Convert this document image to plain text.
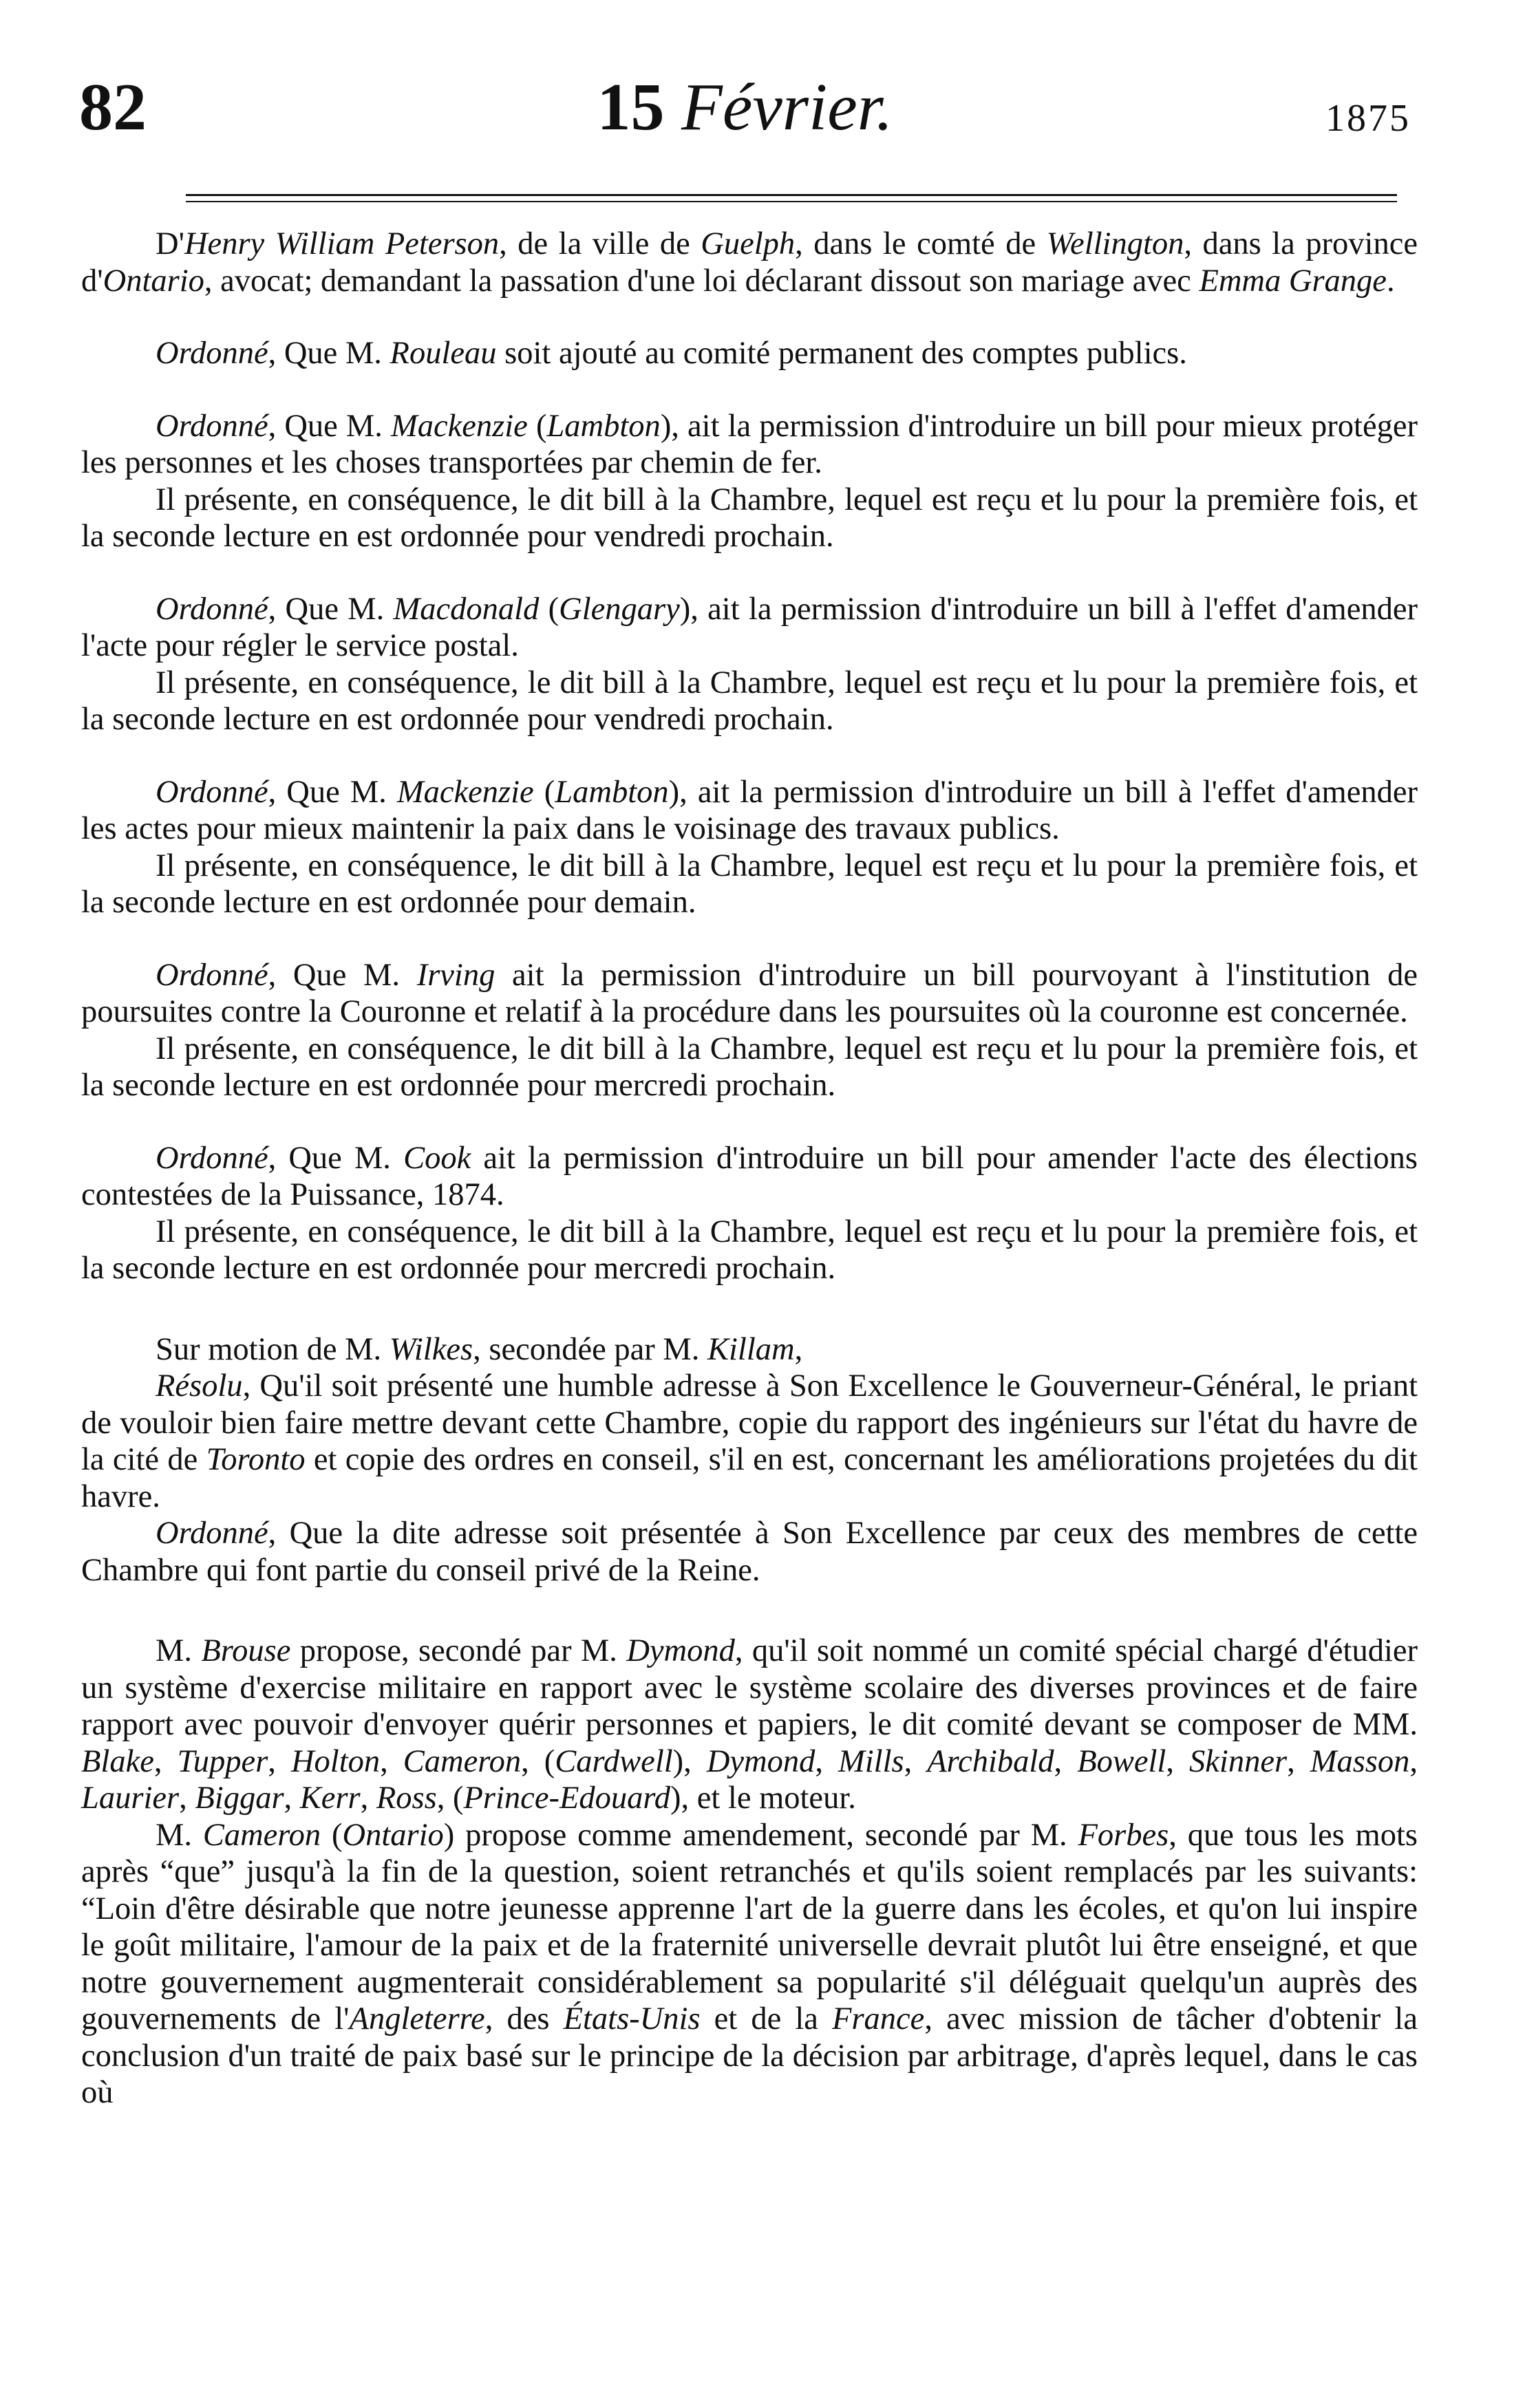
82	15 Février.	1875

D'Henry William Peterson, de la ville de Guelph, dans le comté de Wellington, dans la province d'Ontario, avocat; demandant la passation d'une loi déclarant dissout son mariage avec Emma Grange.

Ordonné, Que M. Rouleau soit ajouté au comité permanent des comptes publics.

Ordonné, Que M. Mackenzie (Lambton), ait la permission d'introduire un bill pour mieux protéger les personnes et les choses transportées par chemin de fer.

Il présente, en conséquence, le dit bill à la Chambre, lequel est reçu et lu pour la première fois, et la seconde lecture en est ordonnée pour vendredi prochain.

Ordonné, Que M. Macdonald (Glengary), ait la permission d'introduire un bill à l'effet d'amender l'acte pour régler le service postal.

Il présente, en conséquence, le dit bill à la Chambre, lequel est reçu et lu pour la première fois, et la seconde lecture en est ordonnée pour vendredi prochain.

Ordonné, Que M. Mackenzie (Lambton), ait la permission d'introduire un bill à l'effet d'amender les actes pour mieux maintenir la paix dans le voisinage des travaux publics.

Il présente, en conséquence, le dit bill à la Chambre, lequel est reçu et lu pour la première fois, et la seconde lecture en est ordonnée pour demain.

Ordonné, Que M. Irving ait la permission d'introduire un bill pourvoyant à l'institution de poursuites contre la Couronne et relatif à la procédure dans les poursuites où la couronne est concernée.

Il présente, en conséquence, le dit bill à la Chambre, lequel est reçu et lu pour la première fois, et la seconde lecture en est ordonnée pour mercredi prochain.

Ordonné, Que M. Cook ait la permission d'introduire un bill pour amender l'acte des élections contestées de la Puissance, 1874.

Il présente, en conséquence, le dit bill à la Chambre, lequel est reçu et lu pour la première fois, et la seconde lecture en est ordonnée pour mercredi prochain.

Sur motion de M. Wilkes, secondée par M. Killam,

Résolu, Qu'il soit présenté une humble adresse à Son Excellence le Gouverneur-Général, le priant de vouloir bien faire mettre devant cette Chambre, copie du rapport des ingénieurs sur l'état du havre de la cité de Toronto et copie des ordres en conseil, s'il en est, concernant les améliorations projetées du dit havre.

Ordonné, Que la dite adresse soit présentée à Son Excellence par ceux des membres de cette Chambre qui font partie du conseil privé de la Reine.

M. Brouse propose, secondé par M. Dymond, qu'il soit nommé un comité spécial chargé d'étudier un système d'exercise militaire en rapport avec le système scolaire des diverses provinces et de faire rapport avec pouvoir d'envoyer quérir personnes et papiers, le dit comité devant se composer de MM. Blake, Tupper, Holton, Cameron, (Cardwell), Dymond, Mills, Archibald, Bowell, Skinner, Masson, Laurier, Biggar, Kerr, Ross, (Prince-Edouard), et le moteur.

M. Cameron (Ontario) propose comme amendement, secondé par M. Forbes, que tous les mots après “que” jusqu'à la fin de la question, soient retranchés et qu'ils soient remplacés par les suivants: “Loin d'être désirable que notre jeunesse apprenne l'art de la guerre dans les écoles, et qu'on lui inspire le goût militaire, l'amour de la paix et de la fraternité universelle devrait plutôt lui être enseigné, et que notre gouvernement augmenterait considérablement sa popularité s'il déléguait quelqu'un auprès des gouvernements de l'Angleterre, des États-Unis et de la France, avec mission de tâcher d'obtenir la conclusion d'un traité de paix basé sur le principe de la décision par arbitrage, d'après lequel, dans le cas où
